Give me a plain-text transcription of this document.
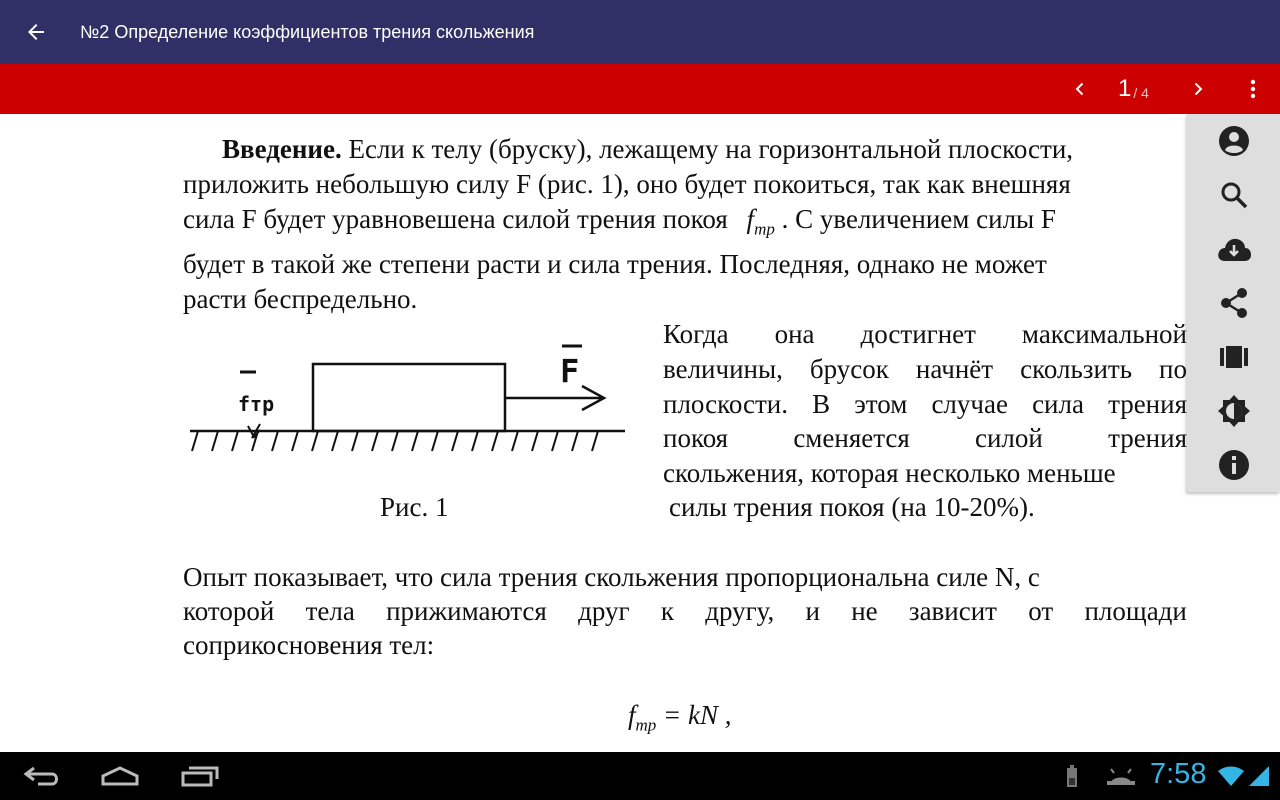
№2 Определение коэффициентов трения скольжения
1 / 4
Введение. Если к телу (бруску), лежащему на горизонтальной плоскости,
приложить небольшую силу F (рис. 1), оно будет покоиться, так как внешняя
сила F будет уравновешена силой трения покоя $f_{тр}$ . С увеличением силы F
будет в такой же степени расти и сила трения. Последняя, однако не может
расти беспредельно.
F
fтр
Рис. 1
Когда она достигнет максимальной
величины, брусок начнёт скользить по
плоскости. В этом случае сила трения
покоя сменяется силой трения
скольжения, которая несколько меньше
силы трения покоя (на 10-20%).
Опыт показывает, что сила трения скольжения пропорциональна силе N, с
которой тела прижимаются друг к другу, и не зависит от площади
соприкосновения тел:
$f_{тр}$ = kN ,
7:58
